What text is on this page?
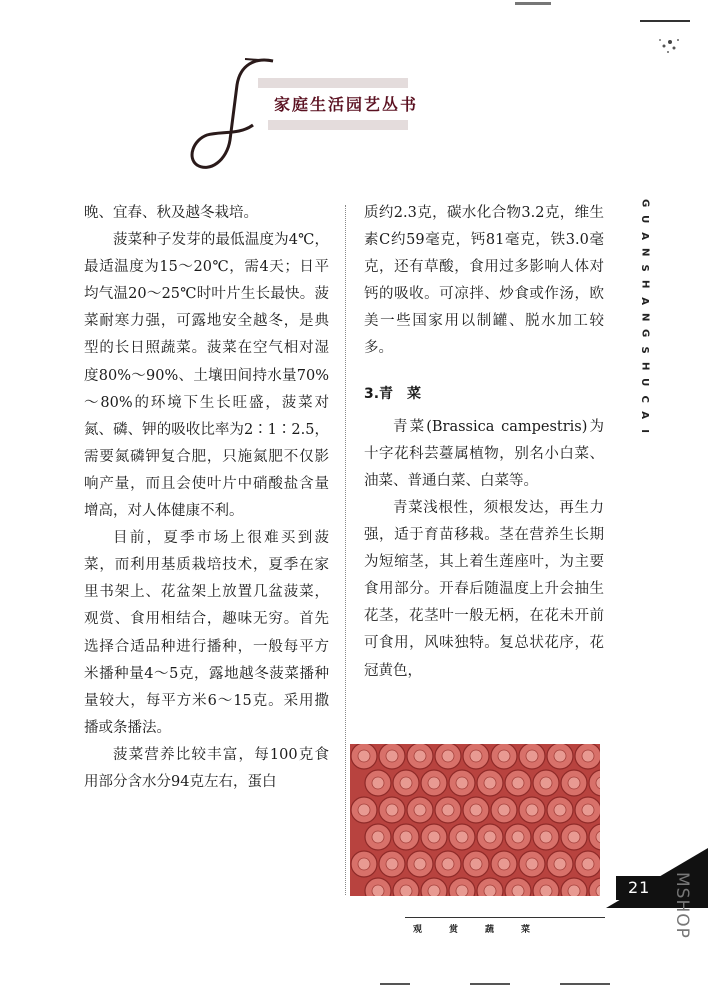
家庭生活园艺丛书

晚、宜春、秋及越冬栽培。

菠菜种子发芽的最低温度为4℃，最适温度为15～20℃，需4天；日平均气温20～25℃时叶片生长最快。菠菜耐寒力强，可露地安全越冬，是典型的长日照蔬菜。菠菜在空气相对湿度80%～90%、土壤田间持水量70%～80%的环境下生长旺盛，菠菜对氮、磷、钾的吸收比率为2∶1∶2.5，需要氮磷钾复合肥，只施氮肥不仅影响产量，而且会使叶片中硝酸盐含量增高，对人体健康不利。

目前，夏季市场上很难买到菠菜，而利用基质栽培技术，夏季在家里书架上、花盆架上放置几盆菠菜，观赏、食用相结合，趣味无穷。首先选择合适品种进行播种，一般每平方米播种量4～5克，露地越冬菠菜播种量较大，每平方米6～15克。采用撒播或条播法。

菠菜营养比较丰富，每100克食用部分含水分94克左右，蛋白

质约2.3克，碳水化合物3.2克，维生素C约59毫克，钙81毫克，铁3.0毫克，还有草酸，食用过多影响人体对钙的吸收。可凉拌、炒食或作汤，欧美一些国家用以制罐、脱水加工较多。

3.青　菜

青菜(Brassica campestris)为十字花科芸薹属植物，别名小白菜、油菜、普通白菜、白菜等。

青菜浅根性，须根发达，再生力强，适于育苗移栽。茎在营养生长期为短缩茎，其上着生莲座叶，为主要食用部分。开春后随温度上升会抽生花茎，花茎叶一般无柄，在花未开前可食用，风味独特。复总状花序，花冠黄色，

G
U
A
N
S
H
A
N
G
S
H
U
C
A
I
21
观赏蔬菜	MSHOP
